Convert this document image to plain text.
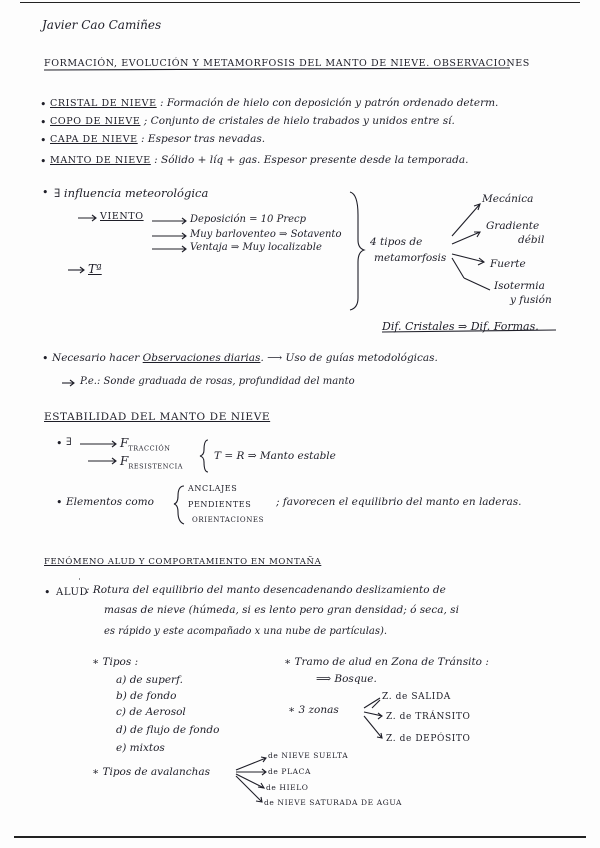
Javier Cao Camiñes
FORMACIÓN, EVOLUCIÓN Y METAMORFOSIS DEL MANTO DE NIEVE. OBSERVACIONES
• CRISTAL DE NIEVE : Formación de hielo con deposición y patrón ordenado determ.
• COPO DE NIEVE ; Conjunto de cristales de hielo trabados y unidos entre sí.
• CAPA DE NIEVE : Espesor tras nevadas.
• MANTO DE NIEVE : Sólido + líq + gas. Espesor presente desde la temporada.
• ∃ influencia meteorológica
VIENTO	Deposición = 10 Precp
Muy barloventeo ⇒ Sotavento
Ventaja ⇒ Muy localizable
Tª
4 tipos de
metamorfosis
Mecánica
Gradiente
débil
Fuerte
Isotermia
y fusión
Dif. Cristales ⇒ Dif. Formas.
• Necesario hacer Observaciones diarias. ⟶ Uso de guías metodológicas.
P.e.: Sonde graduada de rosas, profundidad del manto
ESTABILIDAD DEL MANTO DE NIEVE
• ∃	$F_{TRACCIÓN}$
$F_{RESISTENCIA}$
T = R ⇒ Manto estable
• Elementos como
ANCLAJES
PENDIENTES
ORIENTACIONES
; favorecen el equilibrio del manto en laderas.
FENÓMENO ALUD Y COMPORTAMIENTO EN MONTAÑA
• ALUD
: Rotura del equilibrio del manto desencadenando deslizamiento de
masas de nieve (húmeda, si es lento pero gran densidad; ó seca, si
es rápido y este acompañado x una nube de partículas).
∗ Tipos :
a) de superf.
b) de fondo
c) de Aerosol
d) de flujo de fondo
e) mixtos
∗ Tramo de alud en Zona de Tránsito :
⟹ Bosque.
∗ 3 zonas
Z. de SALIDA
Z. de TRÁNSITO
Z. de DEPÓSITO
∗ Tipos de avalanchas
de NIEVE SUELTA
de PLACA
de HIELO
de NIEVE SATURADA DE AGUA
